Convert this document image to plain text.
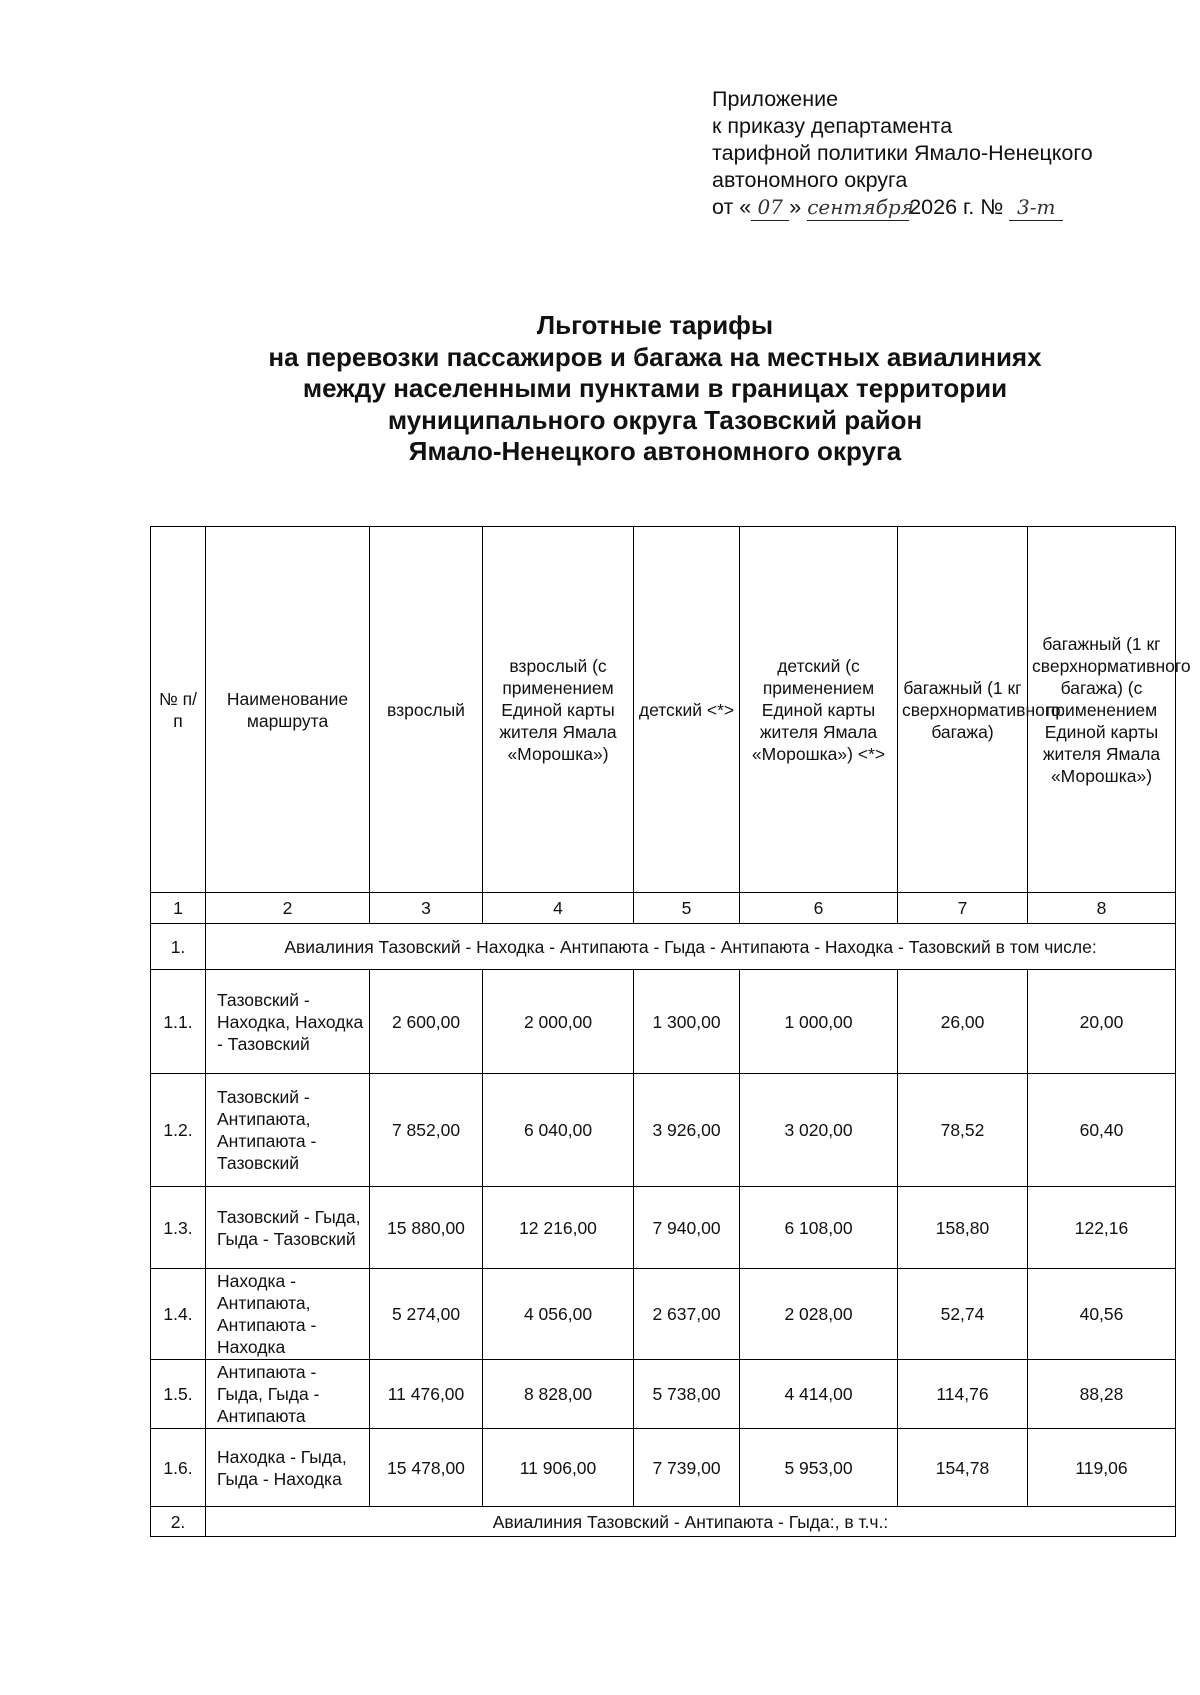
Приложение
к приказу департамента
тарифной политики Ямало-Ненецкого
автономного округа
от « 07 » сентября2026 г. № 3-т
Льготные тарифы
на перевозки пассажиров и багажа на местных авиалиниях
между населенными пунктами в границах территории
муниципального округа Тазовский район
Ямало-Ненецкого автономного округа
№ п/п	Наименование маршрута	взрослый	взрослый (с применением Единой карты жителя Ямала «Морошка»)	детский <*>	детский (с применением Единой карты жителя Ямала «Морошка») <*>	багажный (1 кг сверхнормативного багажа)	багажный (1 кг сверхнормативного багажа) (с применением Единой карты жителя Ямала «Морошка»)
1	2	3	4	5	6	7	8
1.	Авиалиния Тазовский - Находка - Антипаюта - Гыда - Антипаюта - Находка - Тазовский в том числе:						
1.1.	Тазовский - Находка, Находка - Тазовский	2 600,00	2 000,00	1 300,00	1 000,00	26,00	20,00
1.2.	Тазовский - Антипаюта, Антипаюта - Тазовский	7 852,00	6 040,00	3 926,00	3 020,00	78,52	60,40
1.3.	Тазовский - Гыда, Гыда - Тазовский	15 880,00	12 216,00	7 940,00	6 108,00	158,80	122,16
1.4.	Находка - Антипаюта, Антипаюта - Находка	5 274,00	4 056,00	2 637,00	2 028,00	52,74	40,56
1.5.	Антипаюта - Гыда, Гыда - Антипаюта	11 476,00	8 828,00	5 738,00	4 414,00	114,76	88,28
1.6.	Находка - Гыда, Гыда - Находка	15 478,00	11 906,00	7 739,00	5 953,00	154,78	119,06
2.	Авиалиния Тазовский - Антипаюта - Гыда:, в т.ч.:						
